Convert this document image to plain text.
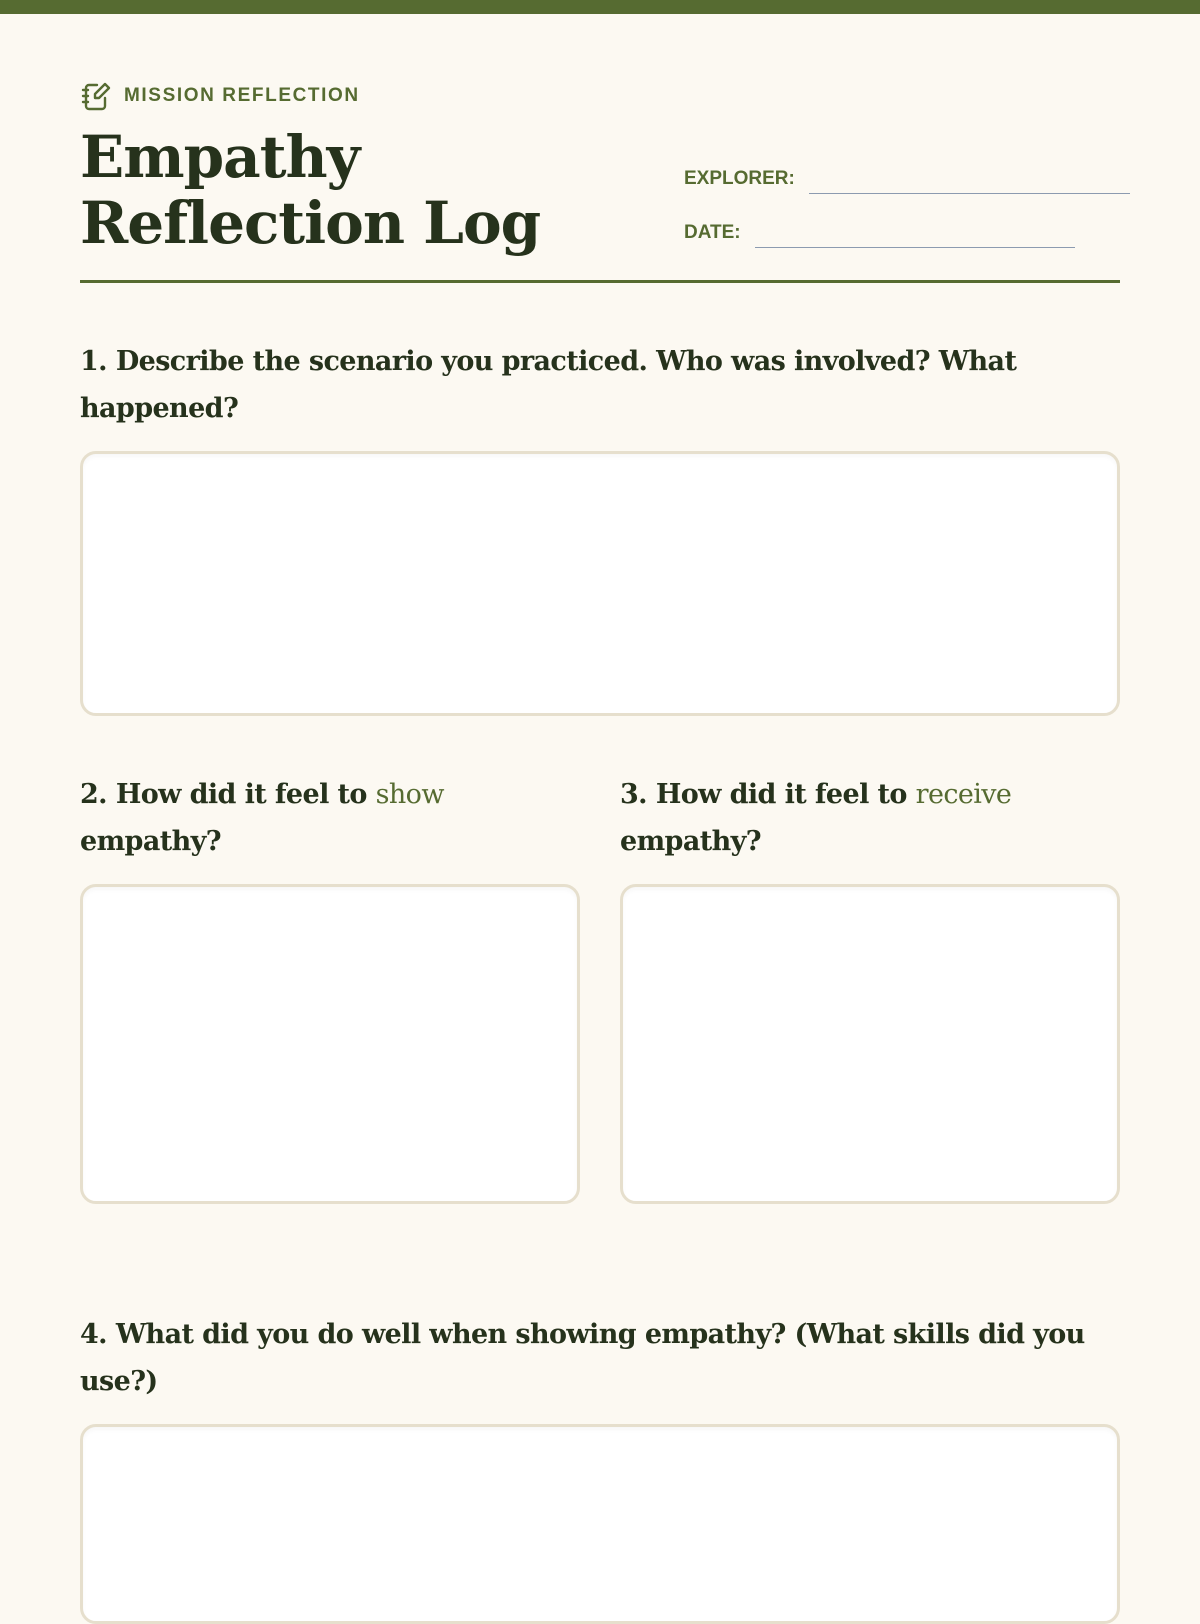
MISSION REFLECTION
Empathy Reflection Log
EXPLORER:
DATE:

1. Describe the scenario you practiced. Who was involved? What happened?

2. How did it feel to show empathy?

3. How did it feel to receive empathy?

4. What did you do well when showing empathy? (What skills did you use?)
